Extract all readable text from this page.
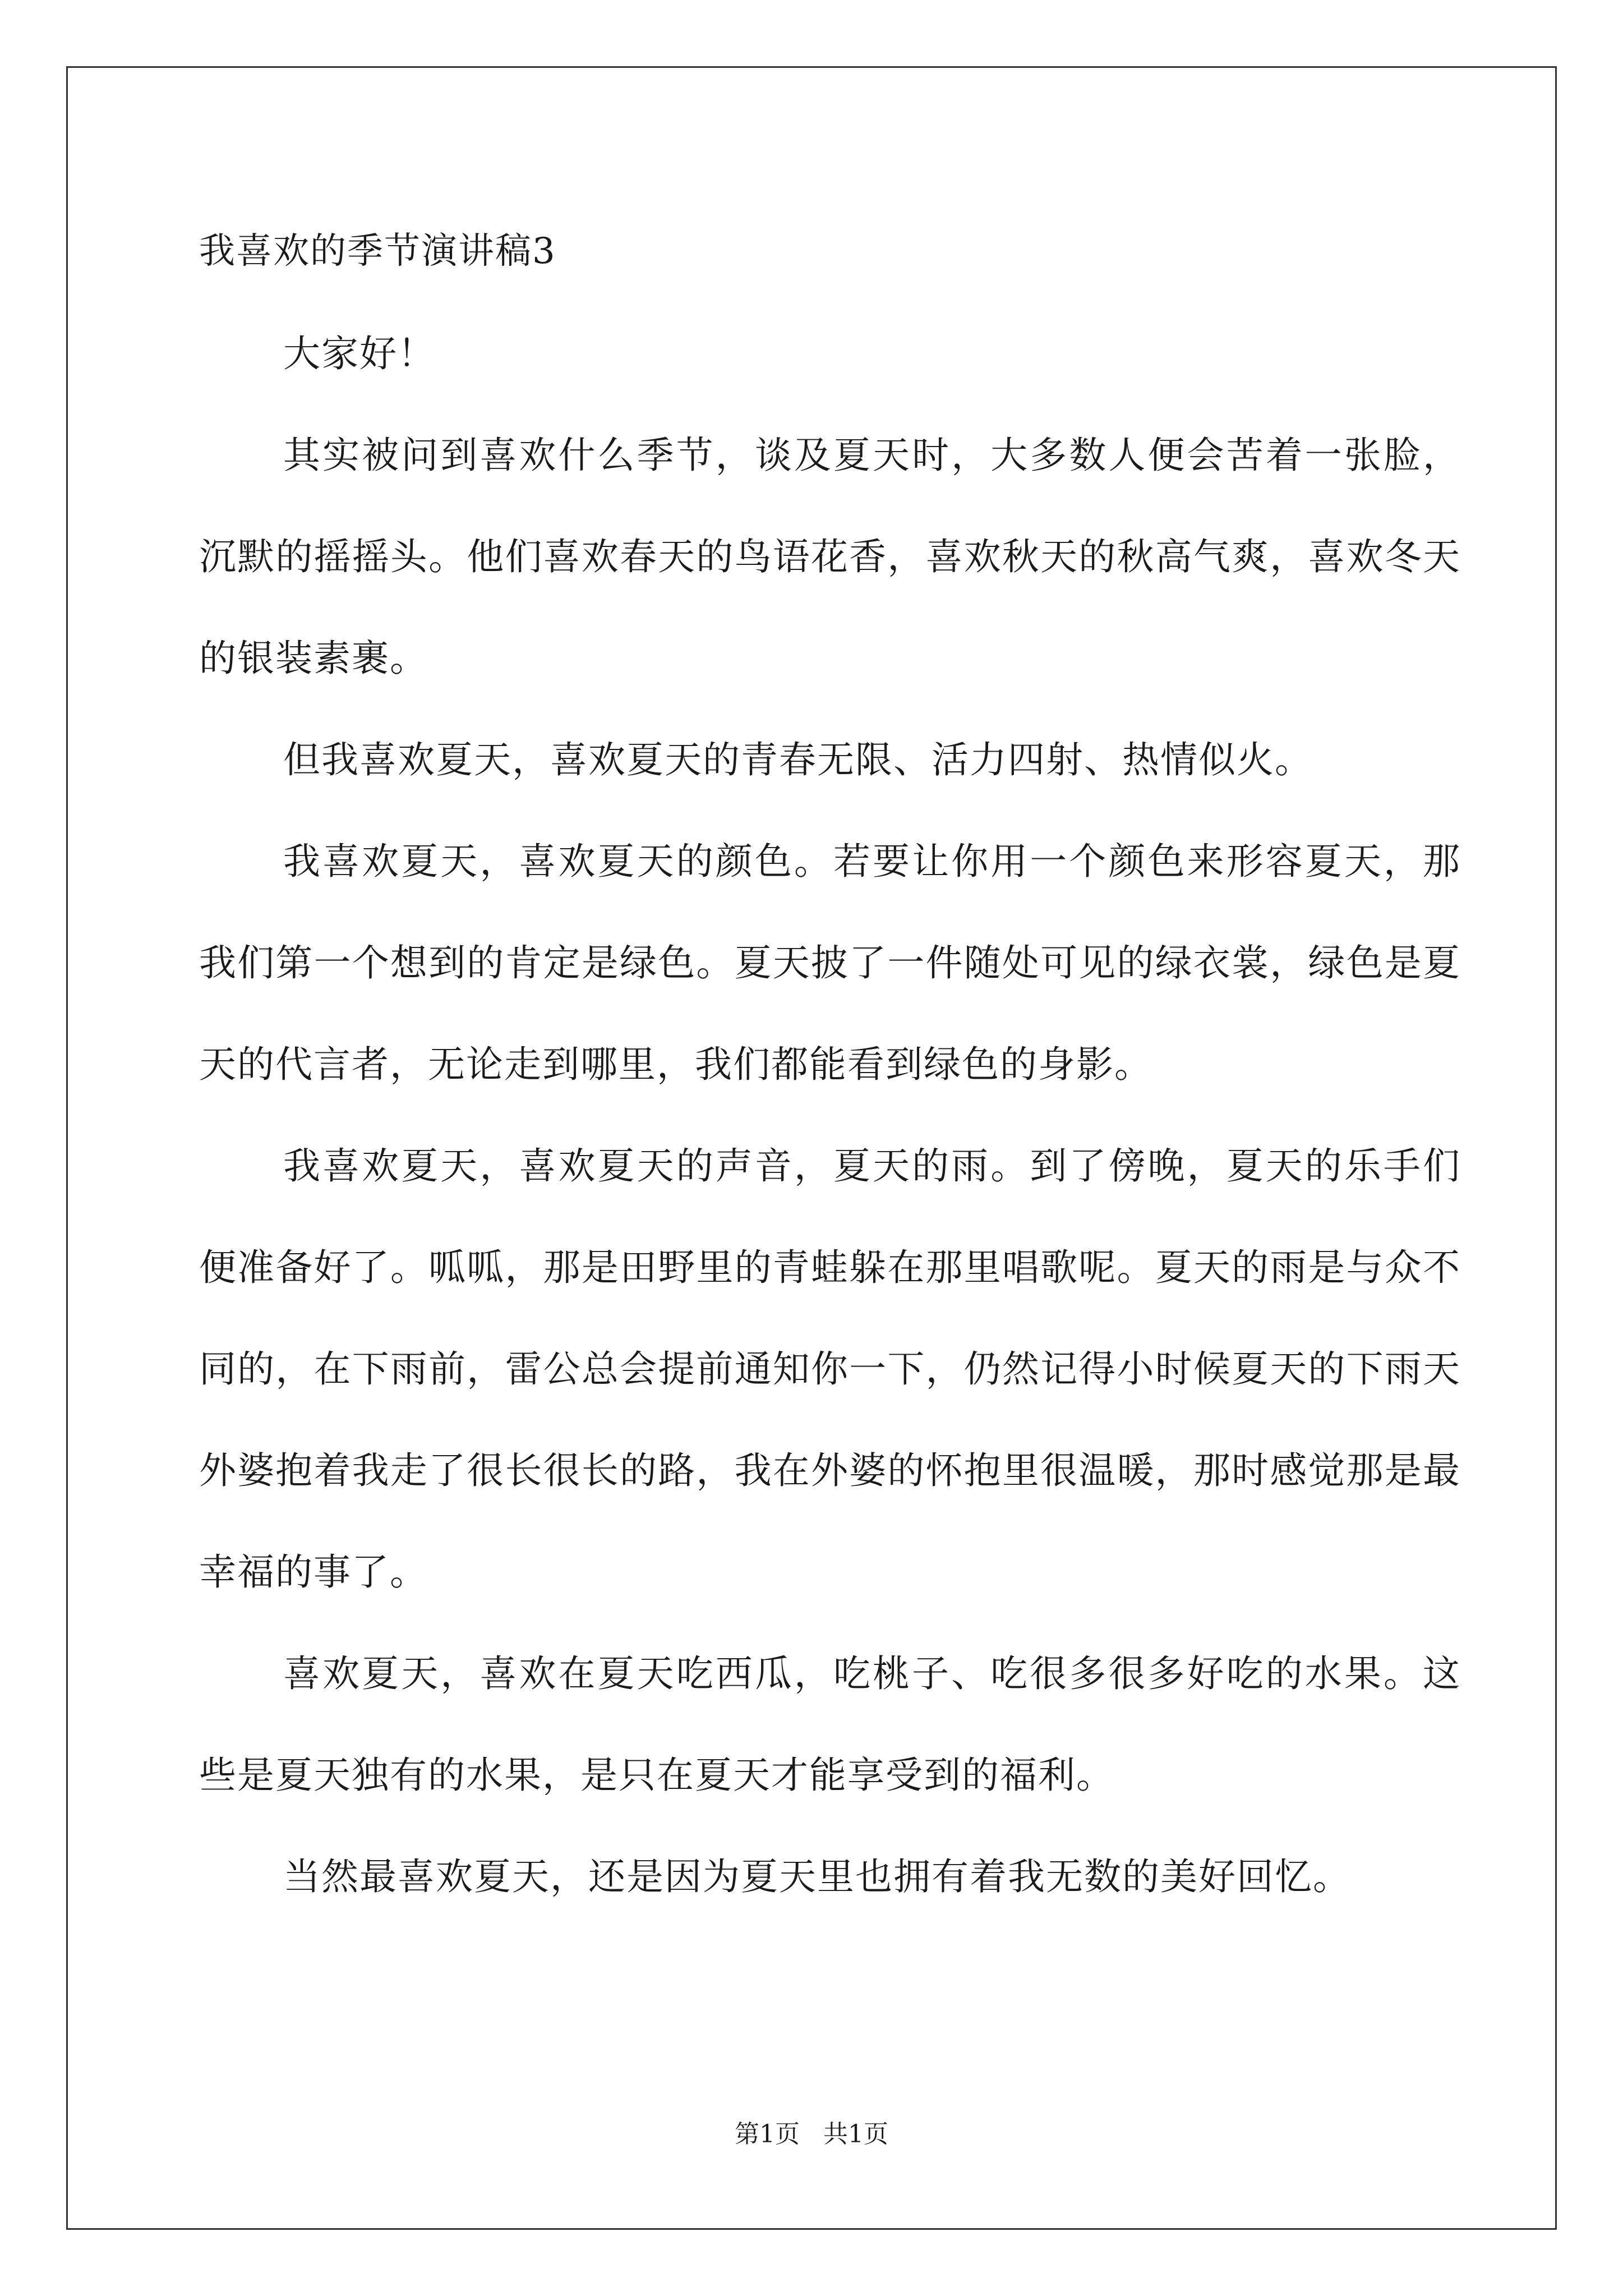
我喜欢的季节演讲稿3

大家好！

其实被问到喜欢什么季节，谈及夏天时，大多数人便会苦着一张脸，沉默的摇摇头。他们喜欢春天的鸟语花香，喜欢秋天的秋高气爽，喜欢冬天的银装素裹。

但我喜欢夏天，喜欢夏天的青春无限、活力四射、热情似火。

我喜欢夏天，喜欢夏天的颜色。若要让你用一个颜色来形容夏天，那我们第一个想到的肯定是绿色。夏天披了一件随处可见的绿衣裳，绿色是夏天的代言者，无论走到哪里，我们都能看到绿色的身影。

我喜欢夏天，喜欢夏天的声音，夏天的雨。到了傍晚，夏天的乐手们便准备好了。呱呱，那是田野里的青蛙躲在那里唱歌呢。夏天的雨是与众不同的，在下雨前，雷公总会提前通知你一下，仍然记得小时候夏天的下雨天外婆抱着我走了很长很长的路，我在外婆的怀抱里很温暖，那时感觉那是最幸福的事了。

喜欢夏天，喜欢在夏天吃西瓜，吃桃子、吃很多很多好吃的水果。这些是夏天独有的水果，是只在夏天才能享受到的福利。

当然最喜欢夏天，还是因为夏天里也拥有着我无数的美好回忆。

第1页   共1页
